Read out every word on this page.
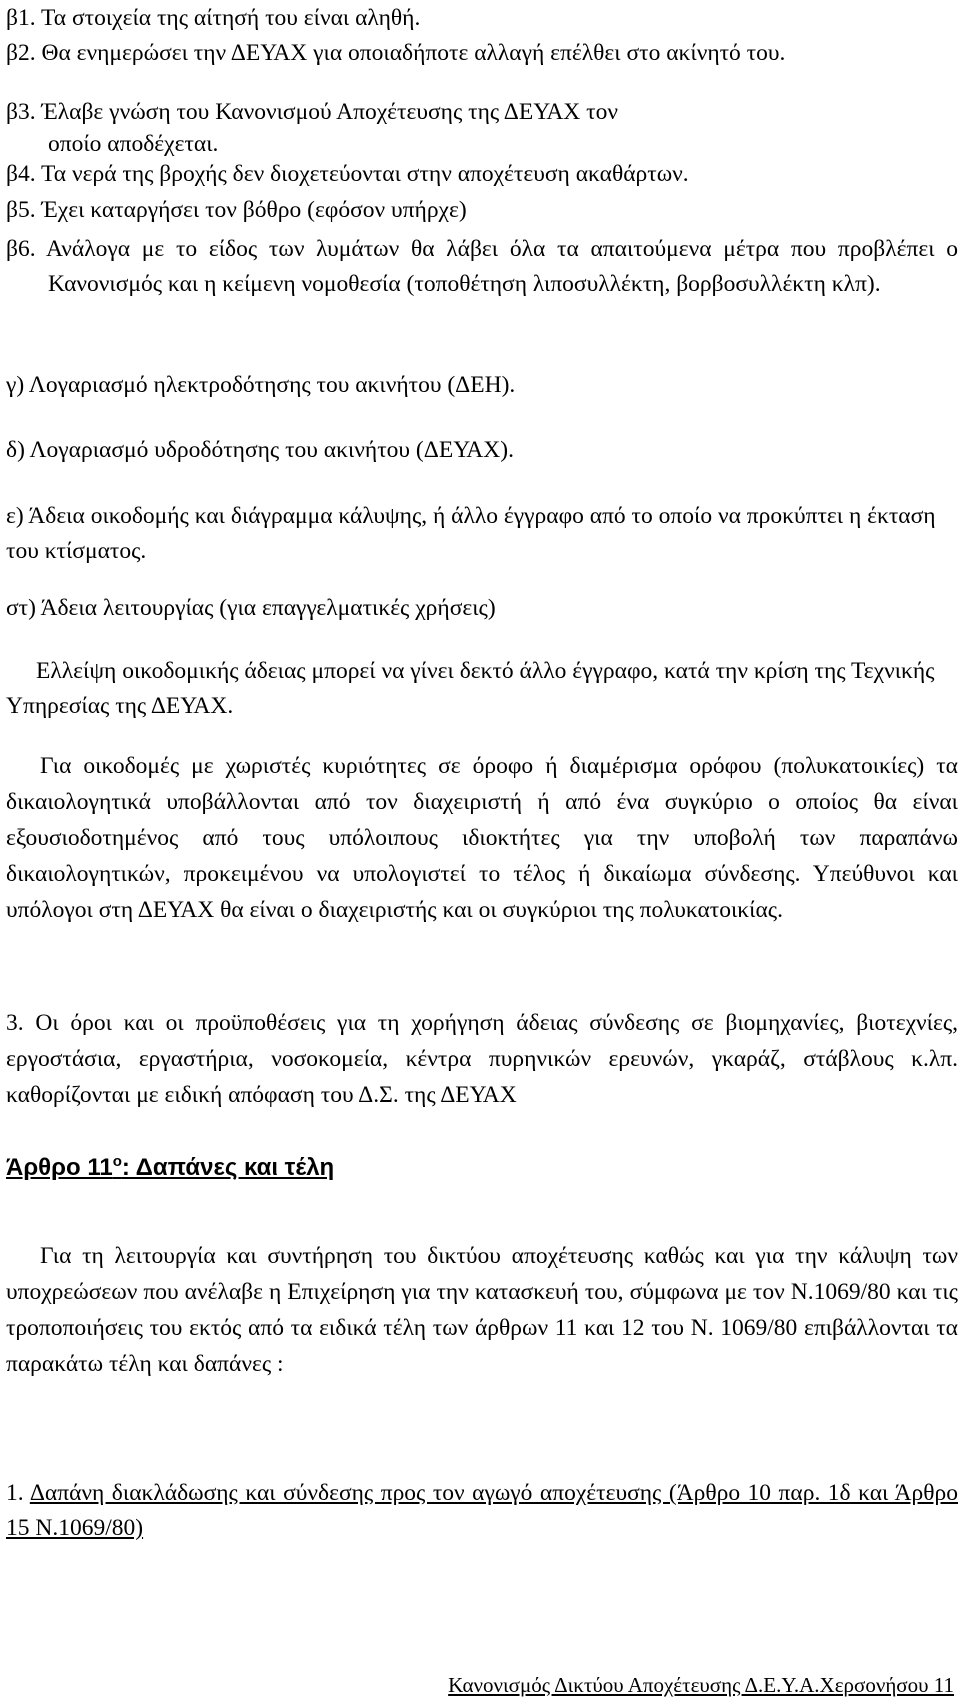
β1. Τα στοιχεία της αίτησή του είναι αληθή.
β2. Θα ενημερώσει την ΔΕΥΑΧ για οποιαδήποτε αλλαγή επέλθει στο ακίνητό του.
β3. Έλαβε γνώση του Κανονισμού Αποχέτευσης της ΔΕΥΑΧ τον οποίο αποδέχεται.
β4. Τα νερά της βροχής δεν διοχετεύονται στην αποχέτευση ακαθάρτων.
β5. Έχει καταργήσει τον βόθρο (εφόσον υπήρχε)
β6. Ανάλογα με το είδος των λυμάτων θα λάβει όλα τα απαιτούμενα μέτρα που προβλέπει ο Κανονισμός και η κείμενη νομοθεσία (τοποθέτηση λιποσυλλέκτη, βορβοσυλλέκτη κλπ).
γ) Λογαριασμό ηλεκτροδότησης του ακινήτου (ΔΕΗ).
δ) Λογαριασμό υδροδότησης του ακινήτου (ΔΕΥΑΧ).
ε) Άδεια οικοδομής και διάγραμμα κάλυψης, ή άλλο έγγραφο από το οποίο να προκύπτει η έκταση του κτίσματος.
στ) Άδεια λειτουργίας (για επαγγελματικές χρήσεις)
Ελλείψη οικοδομικής άδειας μπορεί να γίνει δεκτό άλλο έγγραφο, κατά την κρίση της Τεχνικής Υπηρεσίας της ΔΕΥΑΧ.
Για οικοδομές με χωριστές κυριότητες σε όροφο ή διαμέρισμα ορόφου (πολυκατοικίες) τα δικαιολογητικά υποβάλλονται από τον διαχειριστή ή από ένα συγκύριο ο οποίος θα είναι εξουσιοδοτημένος από τους υπόλοιπους ιδιοκτήτες για την υποβολή των παραπάνω δικαιολογητικών, προκειμένου να υπολογιστεί το τέλος ή δικαίωμα σύνδεσης. Υπεύθυνοι και υπόλογοι στη ΔΕΥΑΧ θα είναι ο διαχειριστής και οι συγκύριοι της πολυκατοικίας.
3. Οι όροι και οι προϋποθέσεις για τη χορήγηση άδειας σύνδεσης σε βιομηχανίες, βιοτεχνίες, εργοστάσια, εργαστήρια, νοσοκομεία, κέντρα πυρηνικών ερευνών, γκαράζ, στάβλους κ.λπ. καθορίζονται με ειδική απόφαση του Δ.Σ. της ΔΕΥΑΧ
Άρθρο $11^o$: Δαπάνες και τέλη
Για τη λειτουργία και συντήρηση του δικτύου αποχέτευσης καθώς και για την κάλυψη των υποχρεώσεων που ανέλαβε η Επιχείρηση για την κατασκευή του, σύμφωνα με τον Ν.1069/80 και τις τροποποιήσεις του εκτός από τα ειδικά τέλη των άρθρων 11 και 12 του Ν. 1069/80 επιβάλλονται τα παρακάτω τέλη και δαπάνες :
1. Δαπάνη διακλάδωσης και σύνδεσης προς τον αγωγό αποχέτευσης (Άρθρο 10 παρ. 1δ και Άρθρο 15 Ν.1069/80)
Κανονισμός Δικτύου Αποχέτευσης Δ.Ε.Υ.Α.Χερσονήσου 11
